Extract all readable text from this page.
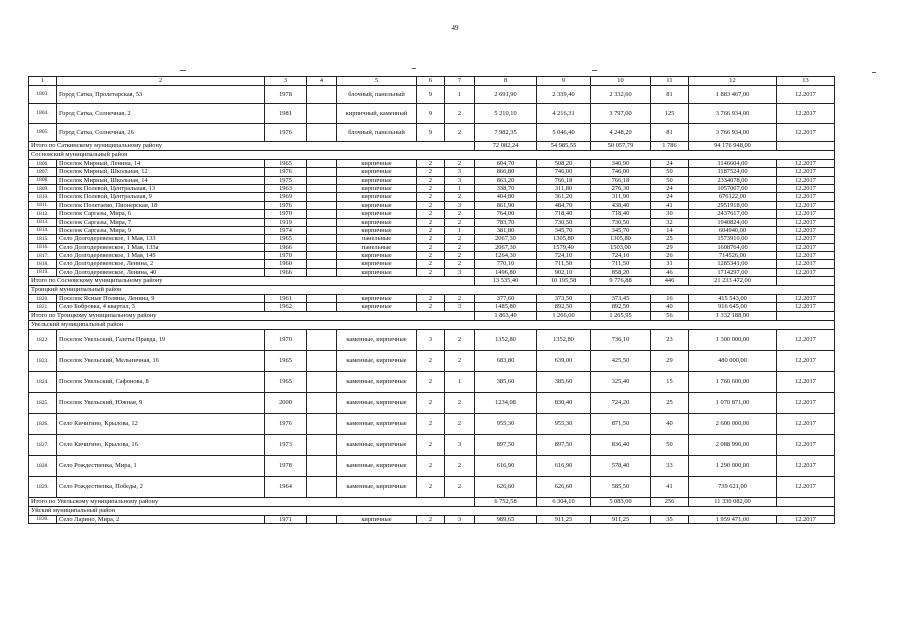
49
1	2	3	4	5	6	7	8	9	10	11	12	13
1803.	Город Сатка, Пролетарская, 53	1978		блочный, панельный	9	1	2 691,90	2 339,40	2 332,60	81	1 883 467,00	12.2017
1804.	Город Сатка, Солнечная, 2	1981		кирпичный, каменный	9	2	5 210,10	4 216,31	3 797,00	125	3 766 934,00	12.2017
1805.	Город Сатка, Солнечная, 26	1976		блочный, панельный	9	2	7 982,35	5 046,40	4 248,20	81	3 766 934,00	12.2017
Итого по Саткинскому муниципальному району							72 082,24	54 985,55	50 057,79	1 786	94 176 948,00	
Сосновский муниципальный район												
1806.	Поселок Мирный, Ленина, 14	1965		кирпичные	2	2	604,70	508,20	340,90	24	1146604,00	12.2017
1807.	Поселок Мирный, Школьная, 12	1976		кирпичные	2	3	866,80	746,00	746,00	50	1187524,00	12.2017
1808.	Поселок Мирный, Школьная, 14	1975		кирпичные	2	3	863,20	766,18	766,18	50	2334078,00	12.2017
1809.	Поселок Полевой, Центральная, 13	1963		кирпичные	2	1	338,70	311,80	276,30	24	1057007,00	12.2017
1810.	Поселок Полевой, Центральная, 9	1969		кирпичные	2	2	404,80	361,20	311,90	24	676122,00	12.2017
1811.	Поселок Полетаево, Пионерская, 18	1976		кирпичные	2	3	861,90	484,70	438,40	41	2951918,00	12.2017
1812.	Поселок Саргазы, Мира, 6	1970		кирпичные	2	2	764,00	718,40	718,40	30	2437617,00	12.2017
1813.	Поселок Саргазы, Мира, 7	1919		кирпичные	2	2	783,70	730,50	730,50	32	1940824,00	12.2017
1814.	Поселок Саргазы, Мира, 9	1974		кирпичные	2	1	381,80	345,70	345,70	14	604940,00	12.2017
1815.	Село Долгодеревенское, 1 Мая, 133	1965		панельные	2	2	2067,30	1305,80	1305,80	25	1573910,00	12.2017
1816.	Село Долгодеревенское, 1 Мая, 133а	1966		панельные	2	2	2067,30	1579,40	1503,00	29	1608764,00	12.2017
1817.	Село Долгодеревенское, 1 Мая, 145	1970		кирпичные	2	2	1264,30	724,10	724,10	26	714526,00	12.2017
1818.	Село Долгодеревенское, Ленина, 2	1960		кирпичные	2	2	770,10	711,50	711,50	31	1285341,00	12.2017
1819.	Село Долгодеревенское, Ленина, 40	1966		кирпичные	2	3	1496,80	902,10	858,20	46	1714297,00	12.2017
Итого по Сосновскому муниципальному району							13 535,40	10 195,58	9 776,88	446	21 233 472,00	
Троицкий муниципальный район												
1820.	Поселок Ясные Поляны, Ленина, 9	1961		кирпичные	2	2	377,60	373,50	373,45	16	415 543,00	12.2017
1821.	Село Бобровка, 4 квартал, 3	1962		кирпичные	2	3	1485,80	892,50	892,50	40	916 645,00	12.2017
Итого по Троицкому муниципальному району							1 863,40	1 266,00	1 265,95	56	1 332 188,00	
Увельский муниципальный район												
1822.	Поселок Увельский, Газеты Правда, 19	1970		каменные, кирпичные	3	2	1352,80	1352,80	736,10	23	1 300 000,00	12.2017
1823.	Поселок Увельский, Мельничная, 16	1965		каменные, кирпичные	2	2	683,80	639,00	425,50	29	480 000,00	12.2017
1824.	Поселок Увельский, Сафонова, 8	1965		каменные, кирпичные	2	1	385,60	385,60	325,40	15	1 760 600,00	12.2017
1825.	Поселок Увельский, Южная, 9	2000		каменные, кирпичные	2	2	1234,08	830,40	724,20	25	1 070 871,00	12.2017
1826.	Село Кичигино, Крылова, 12	1976		каменные, кирпичные	2	2	955,30	955,30	871,50	40	2 600 000,00	12.2017
1827.	Село Кичигино, Крылова, 16	1973		каменные, кирпичные	2	3	897,50	897,50	836,40	50	2 088 990,00	12.2017
1828.	Село Рождественка, Мира, 1	1978		каменные, кирпичные	2	2	616,90	616,90	578,40	33	1 290 000,00	12.2017
1829.	Село Рождественка, Победы, 2	1964		каменные, кирпичные	2	2	626,60	626,60	585,50	41	739 621,00	12.2017
Итого по Увельскому муниципальному району							6 752,58	6 304,10	5 083,00	256	11 330 082,00	
Уйский муниципальный район												
1830.	Село Ларино, Мира, 2	1971		кирпичные	2	3	989,65	911,25	911,25	35	1 959 471,00	12.2017
